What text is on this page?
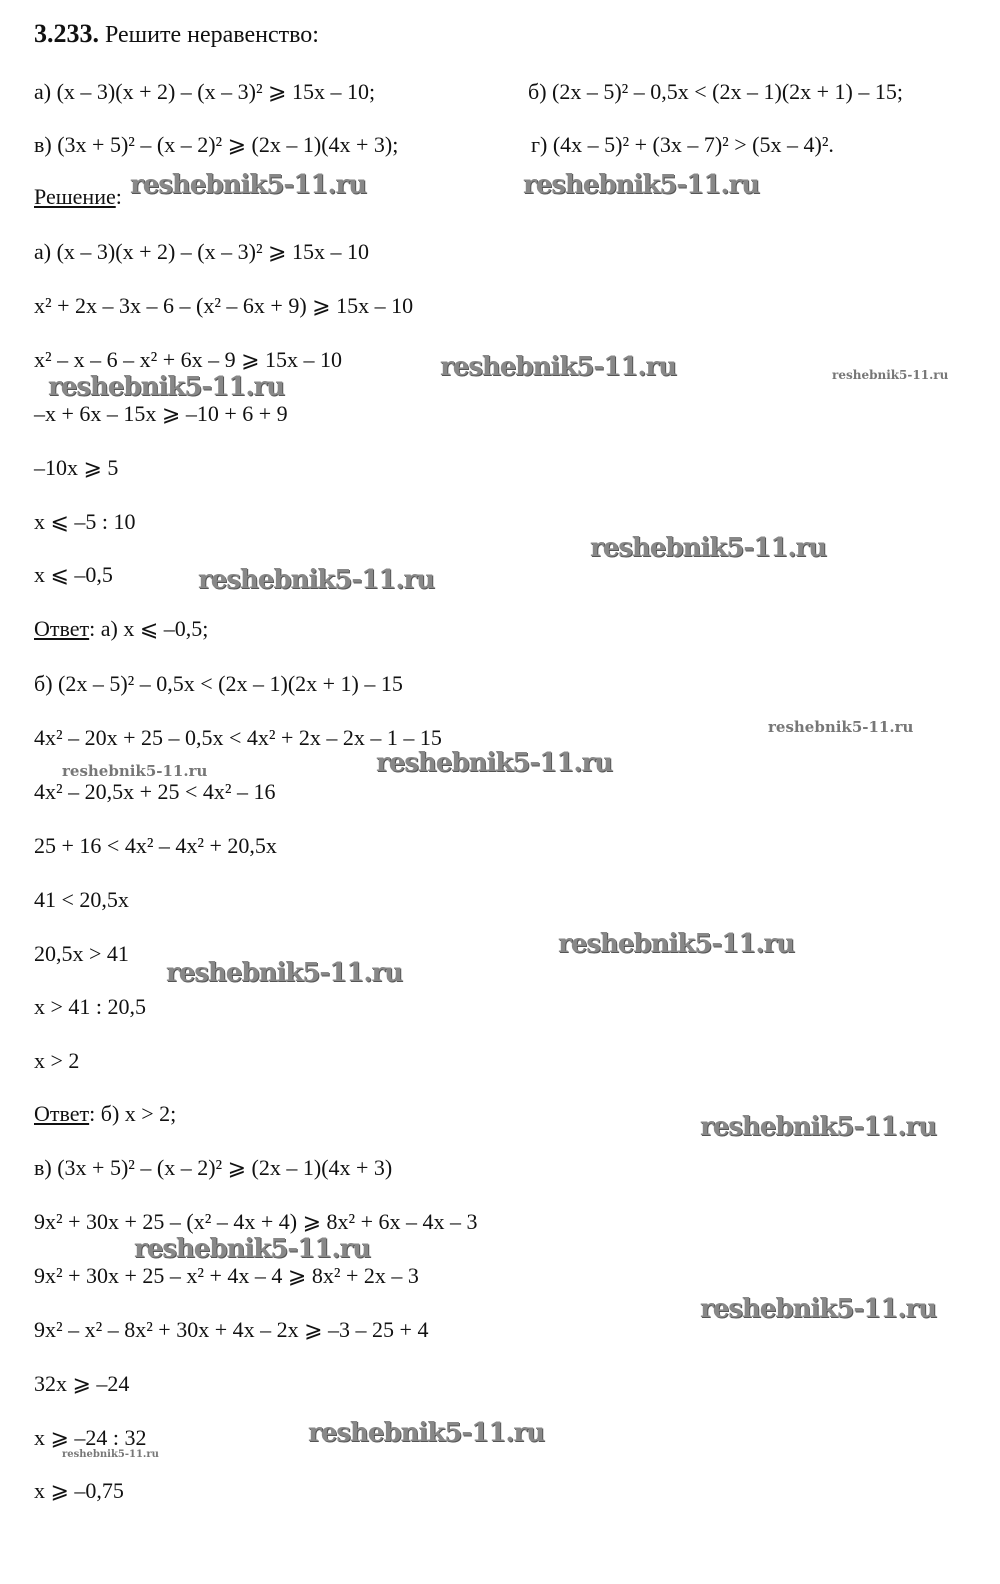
3.233. Решите неравенство:
а) (x – 3)(x + 2) – (x – 3)² ⩾ 15x – 10;	б) (2x – 5)² – 0,5x < (2x – 1)(2x + 1) – 15;
в) (3x + 5)² – (x – 2)² ⩾ (2x – 1)(4x + 3);	г) (4x – 5)² + (3x – 7)² > (5x – 4)².
Решение:
а) (x – 3)(x + 2) – (x – 3)² ⩾ 15x – 10
x² + 2x – 3x – 6 – (x² – 6x + 9) ⩾ 15x – 10
x² – x – 6 – x² + 6x – 9 ⩾ 15x – 10
–x + 6x – 15x ⩾ –10 + 6 + 9
–10x ⩾ 5
x ⩽ –5 : 10
x ⩽ –0,5
б) (2x – 5)² – 0,5x < (2x – 1)(2x + 1) – 15
4x² – 20x + 25 – 0,5x < 4x² + 2x – 2x – 1 – 15
4x² – 20,5x + 25 < 4x² – 16
25 + 16 < 4x² – 4x² + 20,5x
41 < 20,5x
20,5x > 41
x > 41 : 20,5
x > 2
в) (3x + 5)² – (x – 2)² ⩾ (2x – 1)(4x + 3)
9x² + 30x + 25 – (x² – 4x + 4) ⩾ 8x² + 6x – 4x – 3
9x² + 30x + 25 – x² + 4x – 4 ⩾ 8x² + 2x – 3
9x² – x² – 8x² + 30x + 4x – 2x ⩾ –3 – 25 + 4
32x ⩾ –24
x ⩾ –24 : 32
x ⩾ –0,75
Ответ: а) x ⩽ –0,5;
Ответ: б) x > 2;
reshebnik5-11.ru	reshebnik5-11.ru
reshebnik5-11.ru
reshebnik5-11.ru	reshebnik5-11.ru
reshebnik5-11.ru
reshebnik5-11.ru
reshebnik5-11.ru
reshebnik5-11.ru
reshebnik5-11.ru
reshebnik5-11.ru
reshebnik5-11.ru
reshebnik5-11.ru
reshebnik5-11.ru
reshebnik5-11.ru
reshebnik5-11.ru
reshebnik5-11.ru
